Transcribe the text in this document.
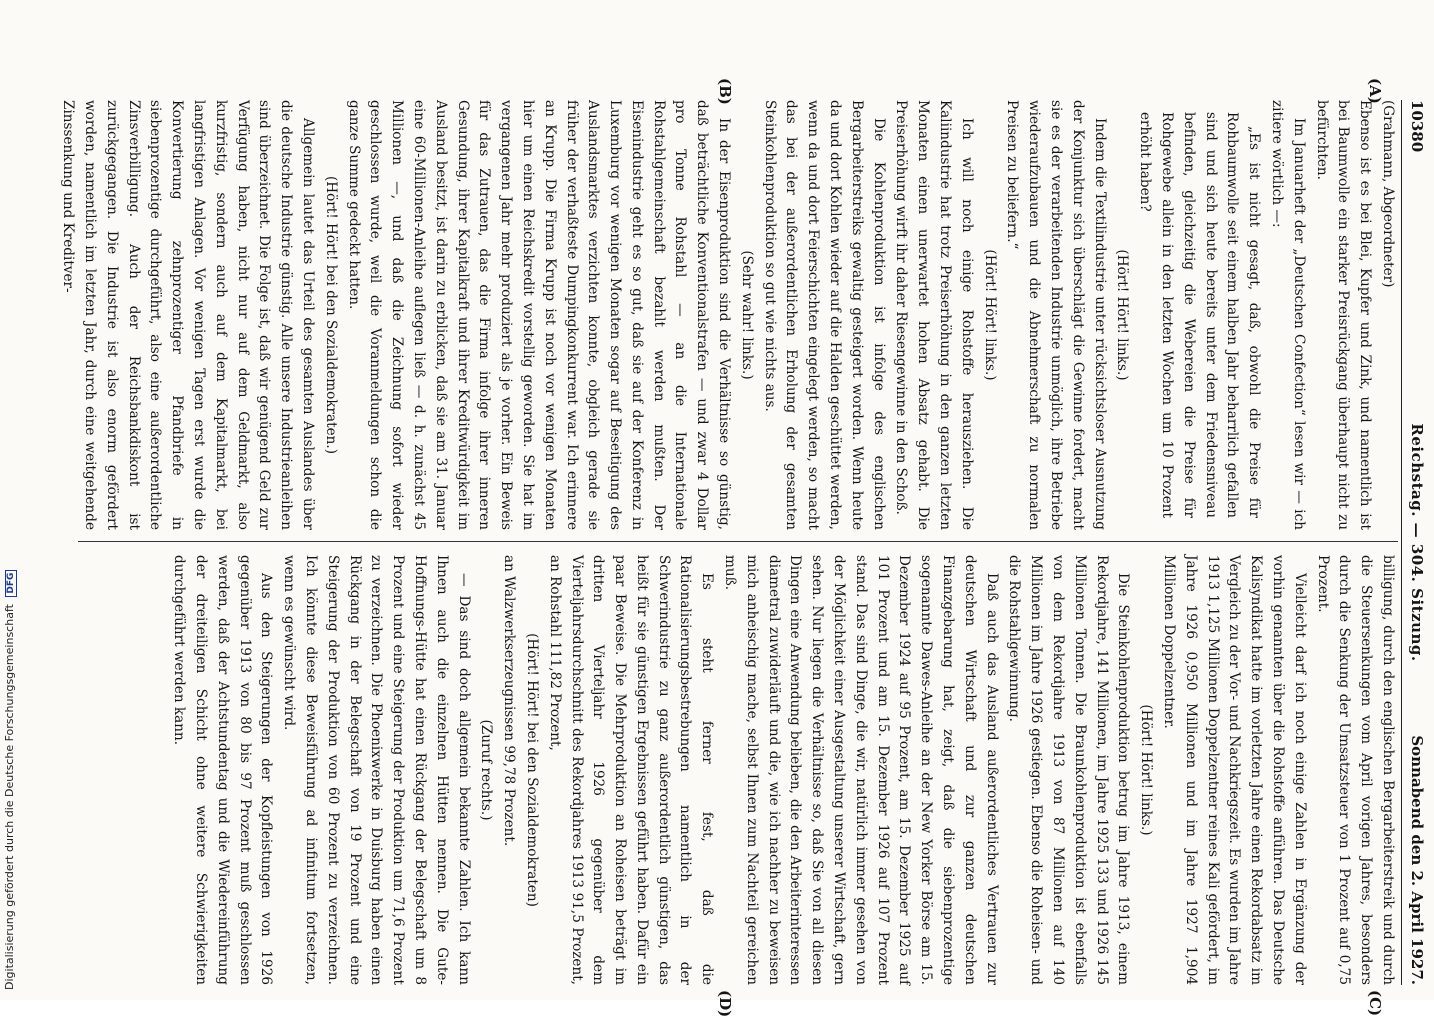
10380
Reichstag. — 304. Sitzung.
Sonnabend den 2. April 1927.
(A)
(B)
(C)
(D)

(Grahmann, Abgeordneter)

Ebenso ist es bei Blei, Kupfer und Zink, und namentlich ist bei Baumwolle ein starker Preisrückgang überhaupt nicht zu befürchten.

Im Januarheft der „Deutschen Confection“ lesen wir — ich zitiere wörtlich —:

„Es ist nicht gesagt, daß, obwohl die Preise für Rohbaumwolle seit einem halben Jahr beharrlich gefallen sind und sich heute bereits unter dem Friedensniveau befinden, gleichzeitig die Webereien die Preise für Rohgewebe allein in den letzten Wochen um 10 Prozent erhöht haben?

(Hört! Hört! links.)

Indem die Textilindustrie unter rücksichtsloser Ausnutzung der Konjunktur sich überschlägt die Gewinne fordert, macht sie es der verarbeitenden Industrie unmöglich, ihre Betriebe wiederaufzubauen und die Abnehmerschaft zu normalen Preisen zu beliefern.“

(Hört! Hört! links.)

Ich will noch einige Rohstoffe herausziehen. Die Kaliindustrie hat trotz Preiserhöhung in den ganzen letzten Monaten einen unerwartet hohen Absatz gehabt. Die Preiserhöhung wirft ihr daher Riesengewinne in den Schoß.

Die Kohlenproduktion ist infolge des englischen Bergarbeiterstreiks gewaltig gesteigert worden. Wenn heute da und dort Kohlen wieder auf die Halden geschüttet werden, wenn da und dort Feierschichten eingelegt werden, so macht das bei der außerordentlichen Erholung der gesamten Steinkohlenproduktion so gut wie nichts aus.

(Sehr wahr! links.)

In der Eisenproduktion sind die Verhältnisse so günstig, daß beträchtliche Konventionalstrafen — und zwar 4 Dollar pro Tonne Rohstahl — an die Internationale Rohstahlgemeinschaft bezahlt werden mußten. Der Eisenindustrie geht es so gut, daß sie auf der Konferenz in Luxemburg vor wenigen Monaten sogar auf Beseitigung des Auslandsmarktes verzichten konnte, obgleich gerade sie früher der verhaßteste Dumpingkonkurrent war. Ich erinnere an Krupp. Die Firma Krupp ist noch vor wenigen Monaten hier um einen Reichskredit vorstellig geworden. Sie hat im vergangenen Jahr mehr produziert als je vorher. Ein Beweis für das Zutrauen, das die Firma infolge ihrer inneren Gesundung, ihrer Kapitalkraft und ihrer Kreditwürdigkeit im Ausland besitzt, ist darin zu erblicken, daß sie am 31. Januar eine 60-Millionen-Anleihe auflegen ließ — d. h. zunächst 45 Millionen —, und daß die Zeichnung sofort wieder geschlossen wurde, weil die Voranmeldungen schon die ganze Summe gedeckt hatten.

(Hört! Hört! bei den Sozialdemokraten.)

Allgemein lautet das Urteil des gesamten Auslandes über die deutsche Industrie günstig. Alle unsere Industrieanleihen sind überzeichnet. Die Folge ist, daß wir genügend Geld zur Verfügung haben, nicht nur auf dem Geldmarkt, also kurzfristig, sondern auch auf dem Kapitalmarkt, bei langfristigen Anlagen. Vor wenigen Tagen erst wurde die Konvertierung zehnprozentiger Pfandbriefe in siebenprozentige durchgeführt, also eine außerordentliche Zinsverbilligung. Auch der Reichsbankdiskont ist zurückgegangen. Die Industrie ist also enorm gefördert worden, namentlich im letzten Jahr, durch eine weitgehende Zinssenkung und Kreditver-

billigung, durch den englischen Bergarbeiterstreik und durch die Steuersenkungen vom April vorigen Jahres, besonders durch die Senkung der Umsatzsteuer von 1 Prozent auf 0,75 Prozent.

Vielleicht darf ich noch einige Zahlen in Ergänzung der vorhin genannten über die Rohstoffe anführen. Das Deutsche Kalisyndikat hatte im vorletzten Jahre einen Rekordabsatz im Vergleich zu der Vor- und Nachkriegszeit. Es wurden im Jahre 1913 1,125 Millionen Doppelzentner reines Kali gefördert, im Jahre 1926 0,950 Millionen und im Jahre 1927 1,904 Millionen Doppelzentner.

(Hört! Hört! links.)

Die Steinkohlenproduktion betrug im Jahre 1913, einem Rekordjahre, 141 Millionen, im Jahre 1925 133 und 1926 145 Millionen Tonnen. Die Braunkohlenproduktion ist ebenfalls von dem Rekordjahre 1913 von 87 Millionen auf 140 Millionen im Jahre 1926 gestiegen. Ebenso die Roheisen- und die Rohstahlgewinnung.

Daß auch das Ausland außerordentliches Vertrauen zur deutschen Wirtschaft und zur ganzen deutschen Finanzgebarung hat, zeigt, daß die siebenprozentige sogenannte Dawes-Anleihe an der New Yorker Börse am 15. Dezember 1924 auf 95 Prozent, am 15. Dezember 1925 auf 101 Prozent und am 15. Dezember 1926 auf 107 Prozent stand. Das sind Dinge, die wir, natürlich immer gesehen von der Möglichkeit einer Ausgestaltung unserer Wirtschaft, gern sehen. Nur liegen die Verhältnisse so, daß Sie von all diesen Dingen eine Anwendung belieben, die den Arbeiterinteressen diametral zuwiderläuft und die, wie ich nachher zu beweisen mich anheischig mache, selbst Ihnen zum Nachteil gereichen muß.

Es steht ferner fest, daß die Rationalisierungsbestrebungen namentlich in der Schwerindustrie zu ganz außerordentlich günstigen, das heißt für sie günstigen Ergebnissen geführt haben. Dafür ein paar Beweise. Die Mehrproduktion an Roheisen beträgt im dritten Vierteljahr 1926 gegenüber dem Vierteljahrsdurchschnitt des Rekordjahres 1913 91,5 Prozent, an Rohstahl 111,82 Prozent,

(Hört! Hört! bei den Sozialdemokraten)

an Walzwerkserzeugnissen 99,78 Prozent.

(Zuruf rechts.)

— Das sind doch allgemein bekannte Zahlen. Ich kann Ihnen auch die einzelnen Hütten nennen. Die Gute-Hoffnungs-Hütte hat einen Rückgang der Belegschaft um 8 Prozent und eine Steigerung der Produktion um 71,6 Prozent zu verzeichnen. Die Phoenixwerke in Duisburg haben einen Rückgang in der Belegschaft von 19 Prozent und eine Steigerung der Produktion von 60 Prozent zu verzeichnen. Ich könnte diese Beweisführung ad infinitum fortsetzen, wenn es gewünscht wird.

Aus den Steigerungen der Kopfleistungen von 1926 gegenüber 1913 von 80 bis 97 Prozent muß geschlossen werden, daß der Achtstundentag und die Wiedereinführung der dreiteiligen Schicht ohne weitere Schwierigkeiten durchgeführt werden kann.

Digitalisierung gefördert durch die Deutsche Forschungsgemeinschaft DFG
